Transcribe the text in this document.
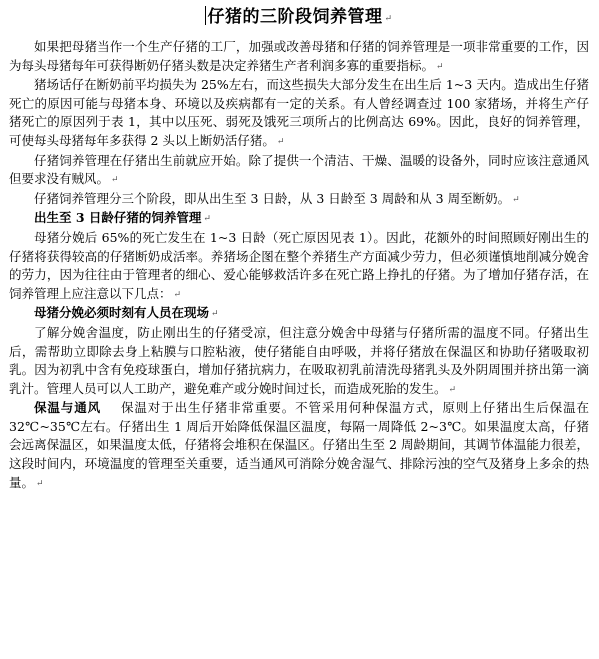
仔猪的三阶段饲养管理 ↵

如果把母猪当作一个生产仔猪的工厂，加强或改善母猪和仔猪的饲养管理是一项非常重要的工作，因为每头母猪每年可获得断奶仔猪头数是决定养猪生产者利润多寡的重要指标。 ↵

猪场话仔在断奶前平均损失为 25%左右，而这些损失大部分发生在出生后 1~3 天内。造成出生仔猪死亡的原因可能与母猪本身、环境以及疾病都有一定的关系。有人曾经调查过 100 家猪场，并将生产仔猪死亡的原因列于表 1，其中以压死、弱死及饿死三项所占的比例高达 69%。因此，良好的饲养管理，可使每头母猪每年多获得 2 头以上断奶活仔猪。 ↵

仔猪饲养管理在仔猪出生前就应开始。除了提供一个清洁、干燥、温暖的设备外，同时应该注意通风但要求没有贼风。 ↵

仔猪饲养管理分三个阶段，即从出生至 3 日龄，从 3 日龄至 3 周龄和从 3 周至断奶。 ↵

出生至 3 日龄仔猪的饲养管理 ↵

母猪分娩后 65%的死亡发生在 1~3 日龄（死亡原因见表 1）。因此，花额外的时间照顾好刚出生的仔猪将获得较高的仔猪断奶成活率。养猪场企图在整个养猪生产方面减少劳力，但必须谨慎地削减分娩舍的劳力，因为往往由于管理者的细心、爱心能够救活许多在死亡路上挣扎的仔猪。为了增加仔猪存活，在饲养管理上应注意以下几点： ↵

母猪分娩必须时刻有人员在现场 ↵

了解分娩舍温度，防止刚出生的仔猪受凉，但注意分娩舍中母猪与仔猪所需的温度不同。仔猪出生后，需帮助立即除去身上粘膜与口腔粘液，使仔猪能自由呼吸，并将仔猪放在保温区和协助仔猪吸取初乳。因为初乳中含有免疫球蛋白，增加仔猪抗病力，在吸取初乳前清洗母猪乳头及外阴周围并挤出第一滴乳汁。管理人员可以人工助产，避免难产或分娩时间过长，而造成死胎的发生。 ↵

保温与通风 保温对于出生仔猪非常重要。不管采用何种保温方式，原则上仔猪出生后保温在 32℃~35℃左右。仔猪出生 1 周后开始降低保温区温度，每隔一周降低 2~3℃。如果温度太高，仔猪会远离保温区，如果温度太低，仔猪将会堆积在保温区。仔猪出生至 2 周龄期间，其调节体温能力很差，这段时间内，环境温度的管理至关重要，适当通风可消除分娩舍湿气、排除污浊的空气及猪身上多余的热量。 ↵
